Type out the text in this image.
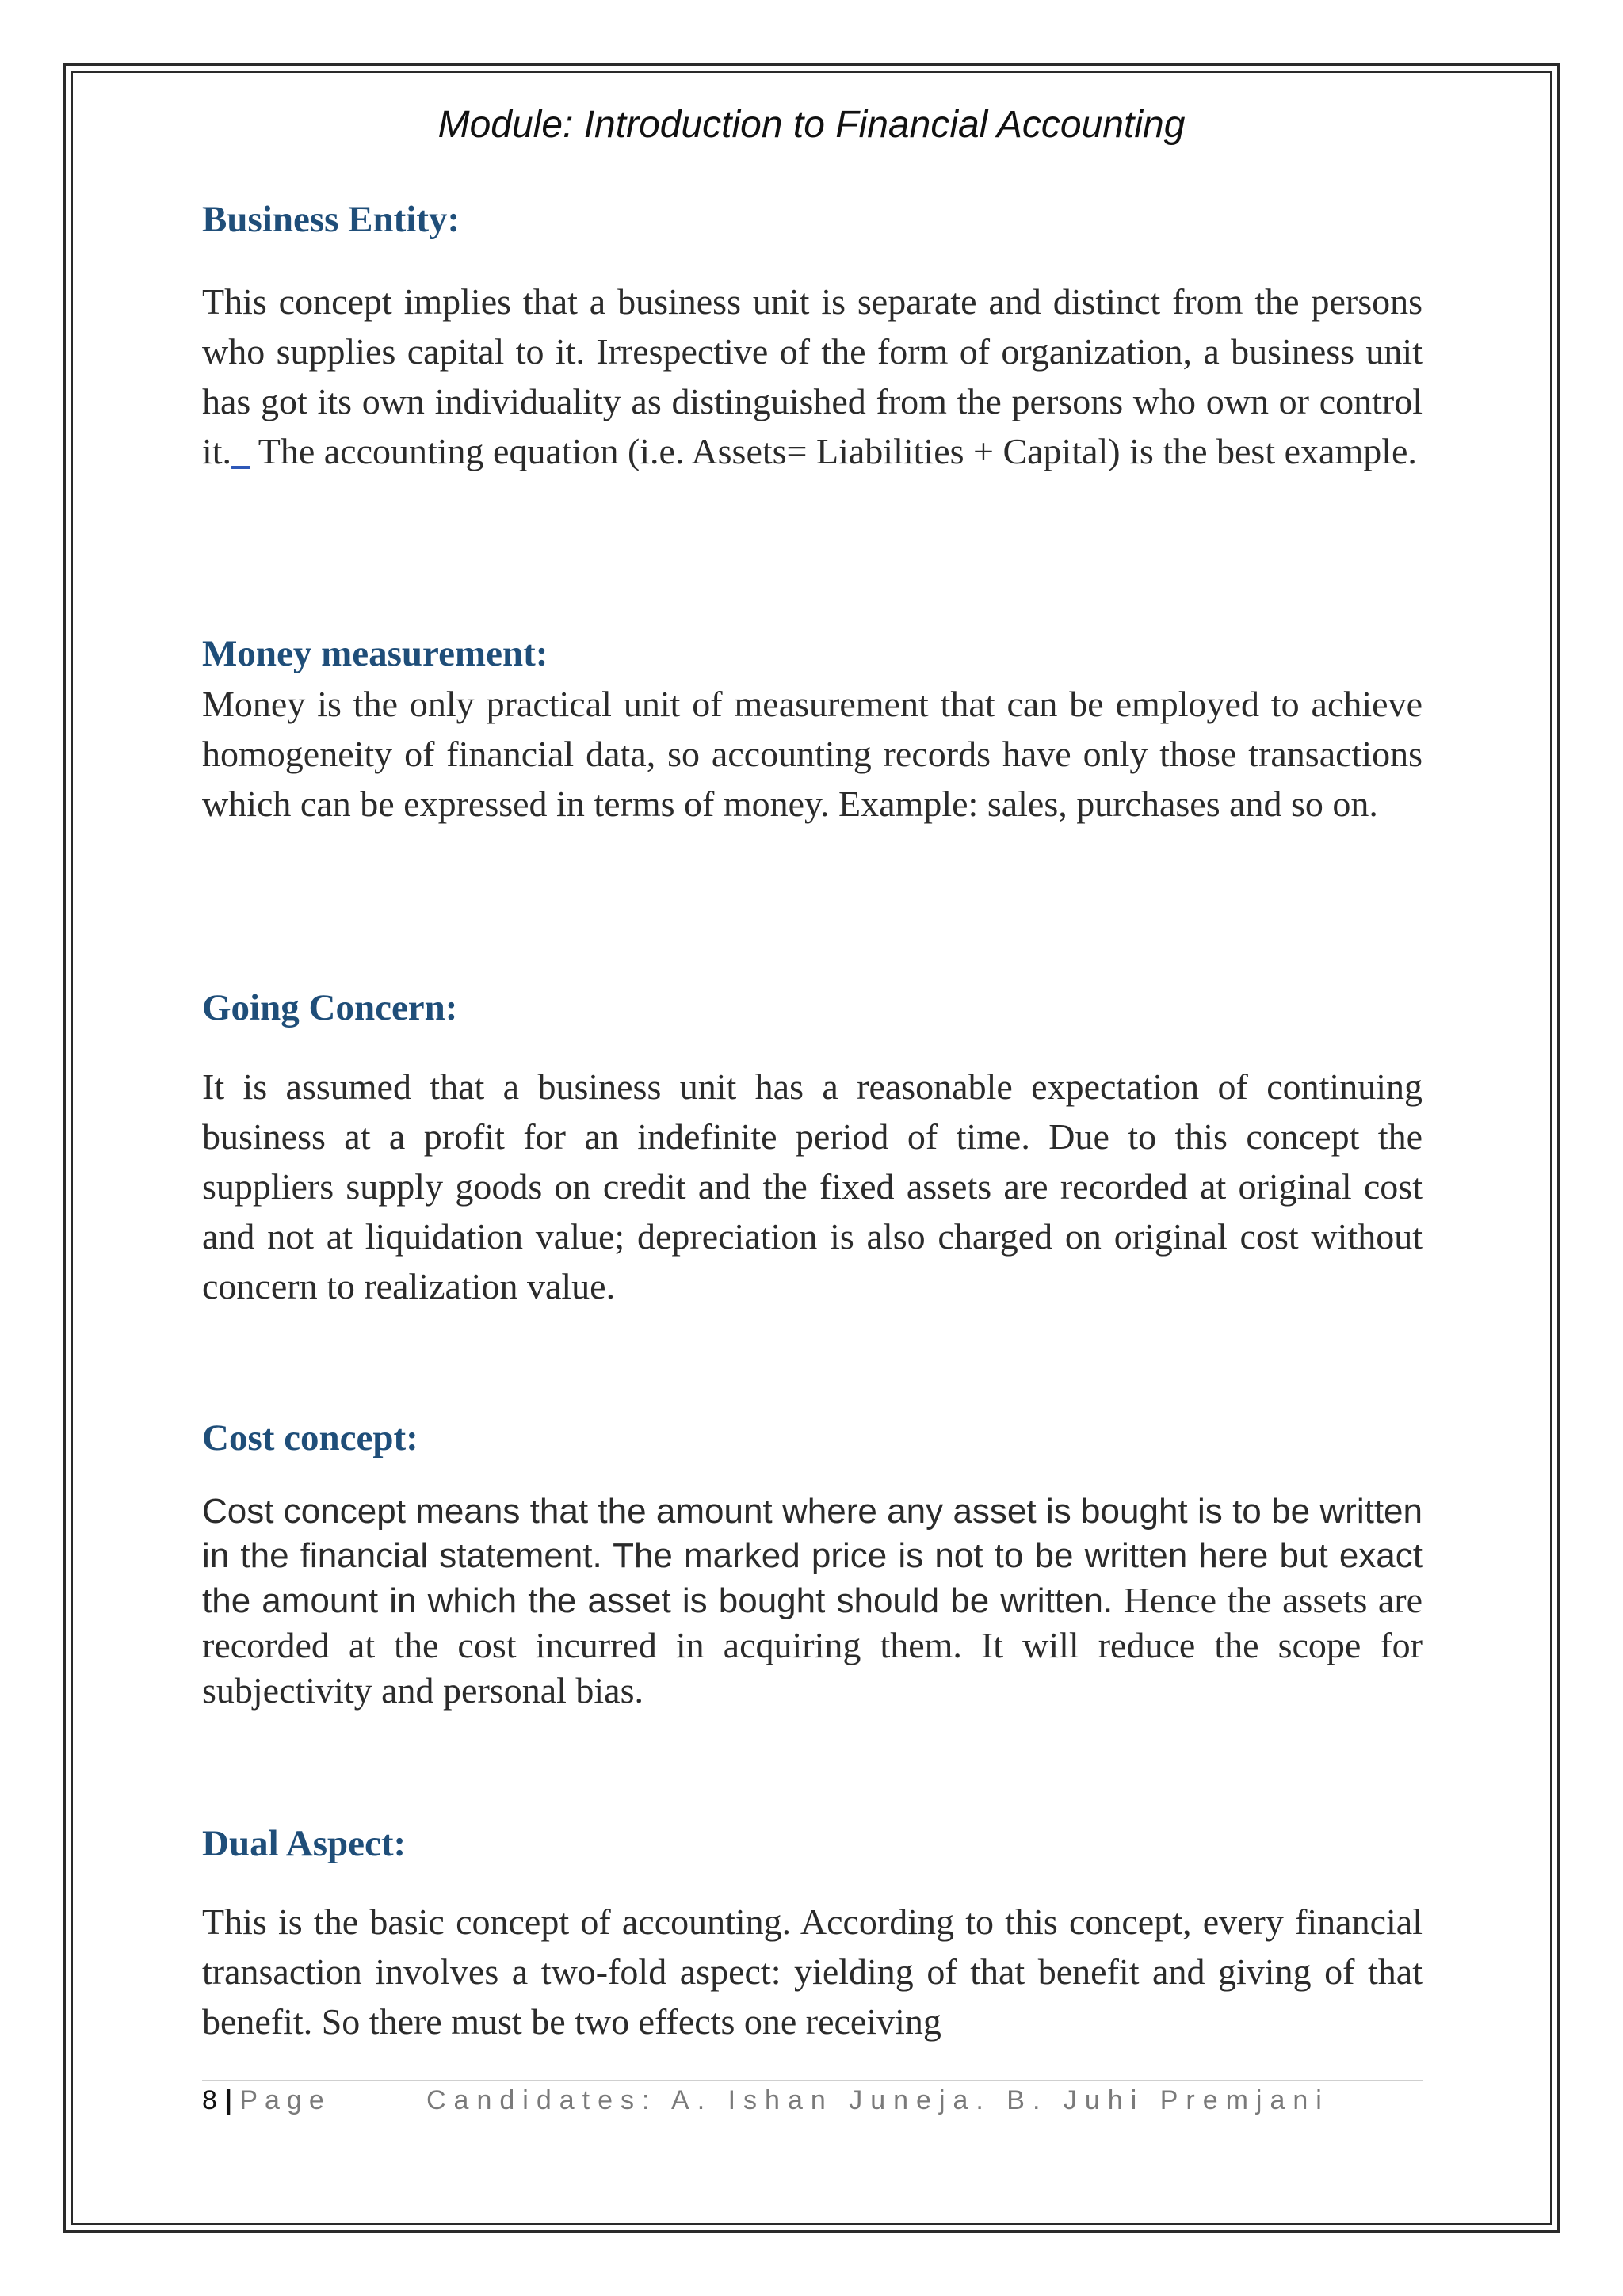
Module: Introduction to Financial Accounting
Business Entity:
This concept implies that a business unit is separate and distinct from the persons who supplies capital to it. Irrespective of the form of organization, a business unit has got its own individuality as distinguished from the persons who own or control it._ The accounting equation (i.e. Assets= Liabilities + Capital) is the best example.
Money measurement:
Money is the only practical unit of measurement that can be employed to achieve homogeneity of financial data, so accounting records have only those transactions which can be expressed in terms of money. Example: sales, purchases and so on.
Going Concern:
It is assumed that a business unit has a reasonable expectation of continuing business at a profit for an indefinite period of time. Due to this concept the suppliers supply goods on credit and the fixed assets are recorded at original cost and not at liquidation value; depreciation is also charged on original cost without concern to realization value.
Cost concept:
Cost concept means that the amount where any asset is bought is to be written in the financial statement. The marked price is not to be written here but exact the amount in which the asset is bought should be written. Hence the assets are recorded at the cost incurred in acquiring them. It will reduce the scope for subjectivity and personal bias.
Dual Aspect:
This is the basic concept of accounting. According to this concept, every financial transaction involves a two-fold aspect: yielding of that benefit and giving of that benefit. So there must be two effects one receiving
8 | Page	Candidates: A. Ishan Juneja. B. Juhi Premjani
